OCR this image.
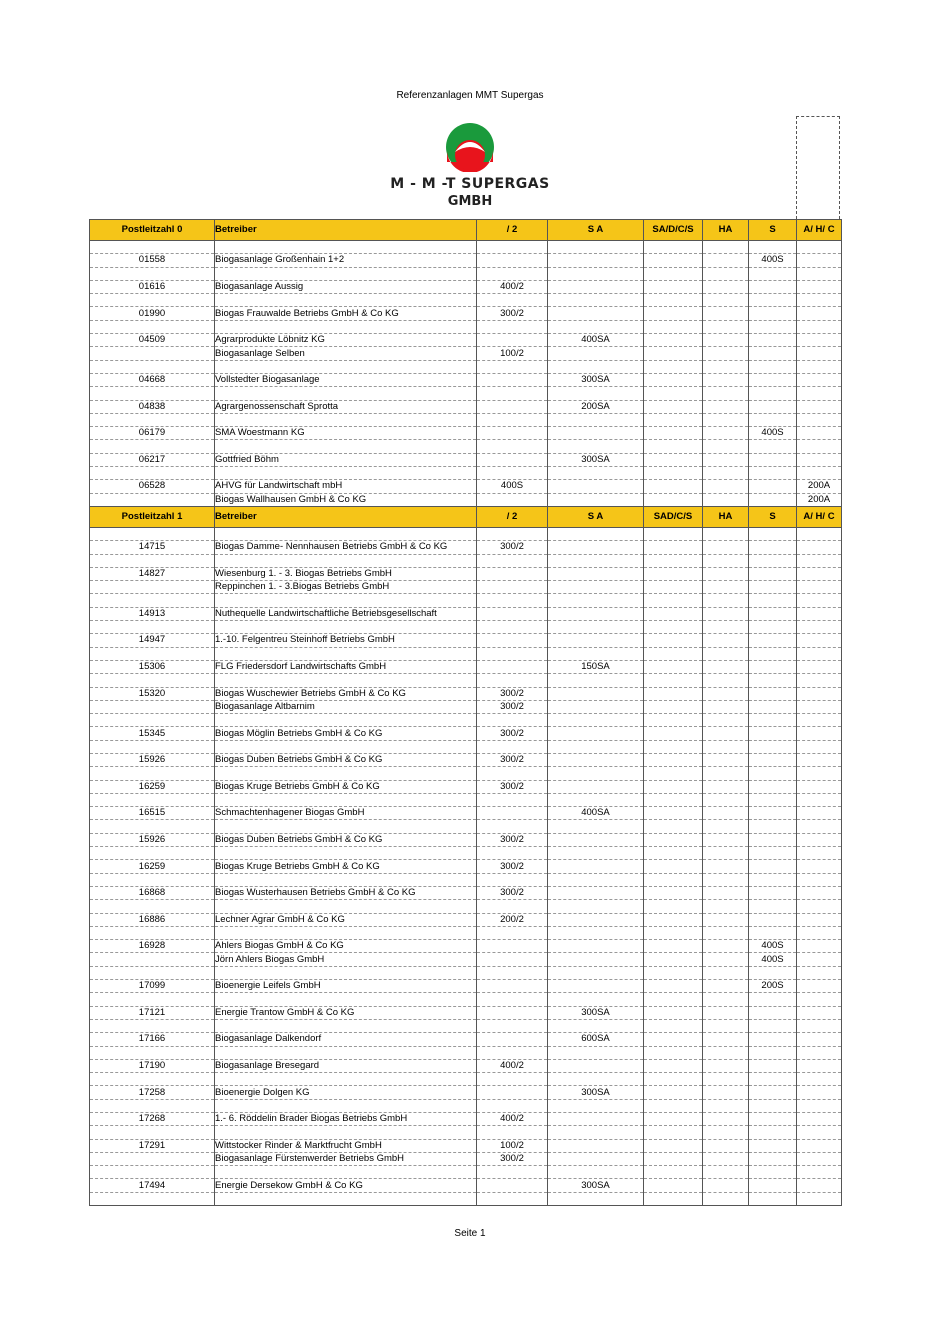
Referenzanlagen MMT Supergas
M - M -T SUPERGAS
GMBH
Postleitzahl 0	Betreiber	/ 2	S A	SA/D/C/S	HA	S	A/ H/ C

01558	Biogasanlage Großenhain 1+2					400S	

01616	Biogasanlage Aussig	400/2					

01990	Biogas Frauwalde Betriebs GmbH & Co KG	300/2					

04509	Agrarprodukte Löbnitz KG		400SA				
	Biogasanlage Selben	100/2					

04668	Vollstedter Biogasanlage		300SA				

04838	Agrargenossenschaft Sprotta		200SA				

06179	SMA Woestmann KG					400S	

06217	Gottfried Böhm		300SA				

06528	AHVG für Landwirtschaft mbH	400S					200A
	Biogas Wallhausen GmbH & Co KG						200A
Postleitzahl 1	Betreiber	/ 2	S A	SAD/C/S	HA	S	A/ H/ C

14715	Biogas Damme- Nennhausen Betriebs GmbH & Co KG	300/2					

14827	Wiesenburg 1. - 3. Biogas Betriebs GmbH						
	Reppinchen 1. - 3.Biogas Betriebs GmbH						

14913	Nuthequelle Landwirtschaftliche Betriebsgesellschaft						

14947	1.-10. Felgentreu Steinhoff Betriebs GmbH						

15306	FLG Friedersdorf Landwirtschafts GmbH		150SA				

15320	Biogas Wuschewier Betriebs GmbH & Co KG	300/2					
	Biogasanlage Altbarnim	300/2					

15345	Biogas Möglin Betriebs GmbH & Co KG	300/2					

15926	Biogas Duben Betriebs GmbH & Co KG	300/2					

16259	Biogas Kruge Betriebs GmbH & Co KG	300/2					

16515	Schmachtenhagener Biogas GmbH		400SA				

15926	Biogas Duben Betriebs GmbH & Co KG	300/2					

16259	Biogas Kruge Betriebs GmbH & Co KG	300/2					

16868	Biogas Wusterhausen Betriebs GmbH & Co KG	300/2					

16886	Lechner Agrar GmbH & Co KG	200/2					

16928	Ahlers Biogas GmbH & Co KG					400S	
	Jörn Ahlers Biogas GmbH					400S	

17099	Bioenergie Leifels GmbH					200S	

17121	Energie Trantow GmbH & Co KG		300SA				

17166	Biogasanlage Dalkendorf		600SA				

17190	Biogasanlage Bresegard	400/2					

17258	Bioenergie Dolgen KG		300SA				

17268	1.- 6. Röddelin Brader Biogas Betriebs GmbH	400/2					

17291	Wittstocker Rinder & Marktfrucht GmbH	100/2					
	Biogasanlage Fürstenwerder Betriebs GmbH	300/2					

17494	Energie Dersekow GmbH & Co KG		300SA				

Seite 1
